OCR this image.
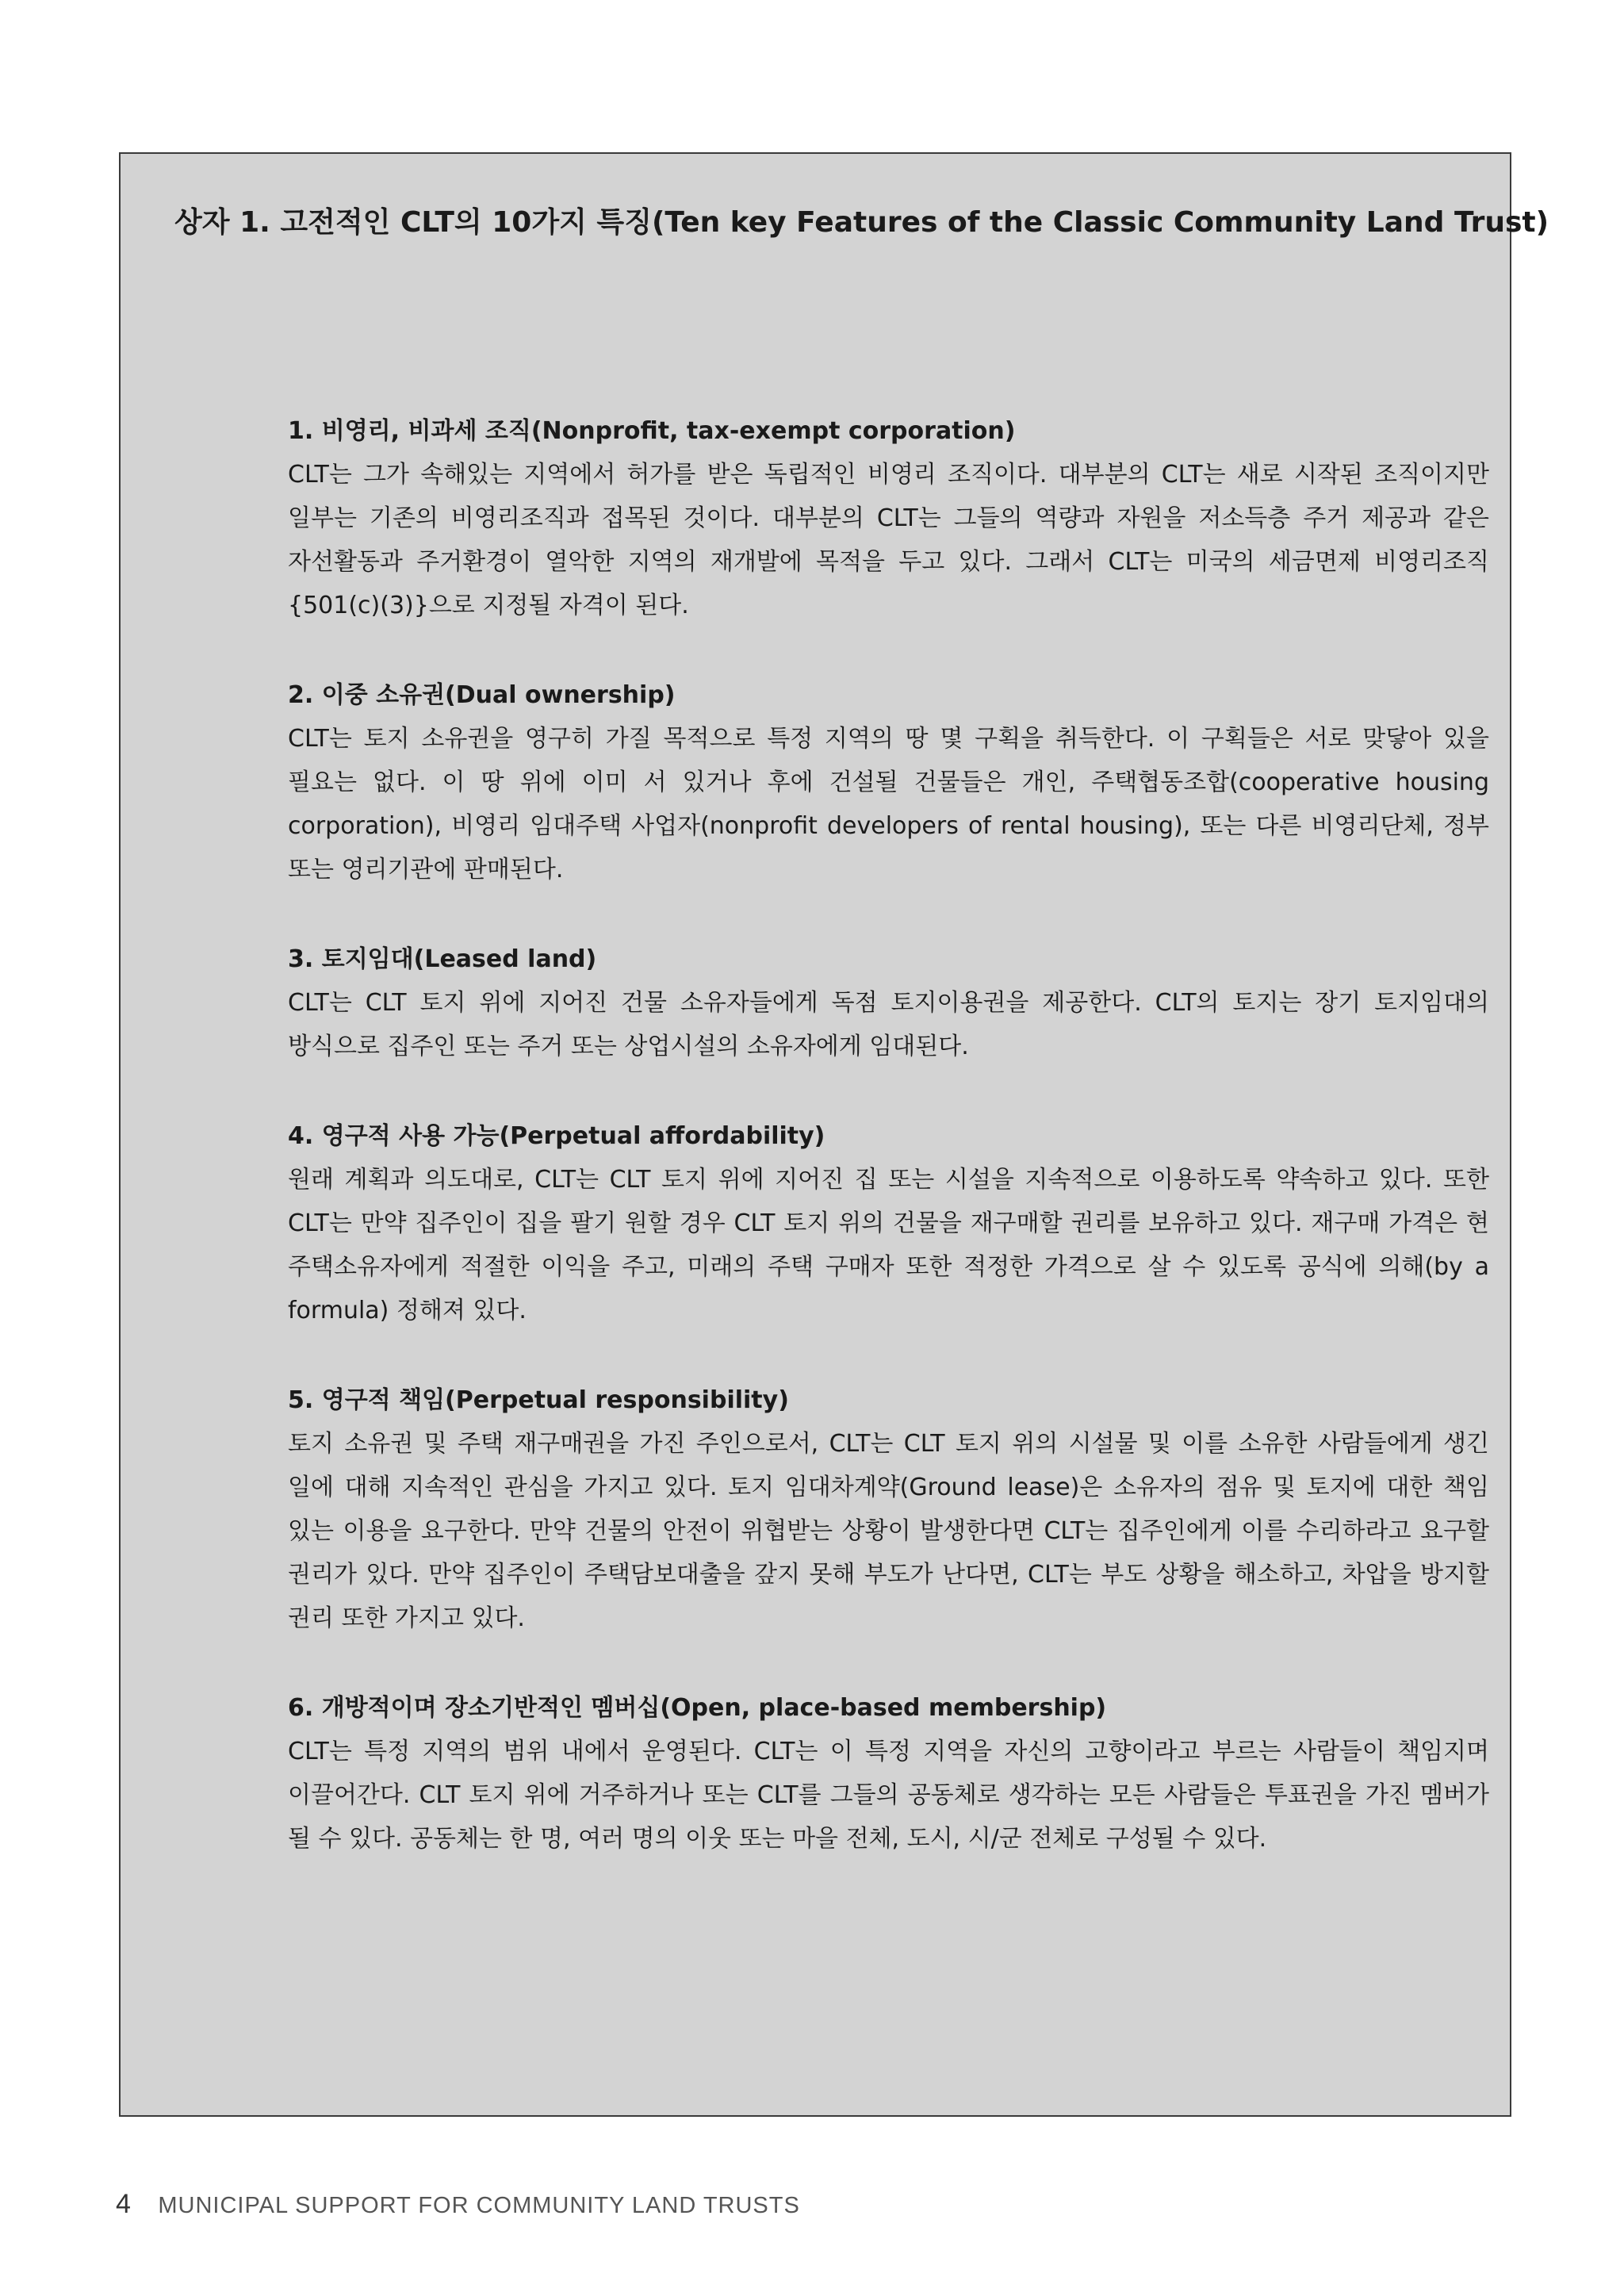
상자 1. 고전적인 CLT의 10가지 특징(Ten key Features of the Classic Community Land Trust)

1. 비영리, 비과세 조직(Nonprofit, tax-exempt corporation)

CLT는 그가 속해있는 지역에서 허가를 받은 독립적인 비영리 조직이다. 대부분의 CLT는 새로 시작된 조직이지만 일부는 기존의 비영리조직과 접목된 것이다. 대부분의 CLT는 그들의 역량과 자원을 저소득층 주거 제공과 같은 자선활동과 주거환경이 열악한 지역의 재개발에 목적을 두고 있다. 그래서 CLT는 미국의 세금면제 비영리조직{501(c)(3)}으로 지정될 자격이 된다.

2. 이중 소유권(Dual ownership)

CLT는 토지 소유권을 영구히 가질 목적으로 특정 지역의 땅 몇 구획을 취득한다. 이 구획들은 서로 맞닿아 있을 필요는 없다. 이 땅 위에 이미 서 있거나 후에 건설될 건물들은 개인, 주택협동조합(cooperative housing corporation), 비영리 임대주택 사업자(nonprofit developers of rental housing), 또는 다른 비영리단체, 정부 또는 영리기관에 판매된다.

3. 토지임대(Leased land)

CLT는 CLT 토지 위에 지어진 건물 소유자들에게 독점 토지이용권을 제공한다. CLT의 토지는 장기 토지임대의 방식으로 집주인 또는 주거 또는 상업시설의 소유자에게 임대된다.

4. 영구적 사용 가능(Perpetual affordability)

원래 계획과 의도대로, CLT는 CLT 토지 위에 지어진 집 또는 시설을 지속적으로 이용하도록 약속하고 있다. 또한 CLT는 만약 집주인이 집을 팔기 원할 경우 CLT 토지 위의 건물을 재구매할 권리를 보유하고 있다. 재구매 가격은 현 주택소유자에게 적절한 이익을 주고, 미래의 주택 구매자 또한 적정한 가격으로 살 수 있도록 공식에 의해(by a formula) 정해져 있다.

5. 영구적 책임(Perpetual responsibility)

토지 소유권 및 주택 재구매권을 가진 주인으로서, CLT는 CLT 토지 위의 시설물 및 이를 소유한 사람들에게 생긴 일에 대해 지속적인 관심을 가지고 있다. 토지 임대차계약(Ground lease)은 소유자의 점유 및 토지에 대한 책임 있는 이용을 요구한다. 만약 건물의 안전이 위협받는 상황이 발생한다면 CLT는 집주인에게 이를 수리하라고 요구할 권리가 있다. 만약 집주인이 주택담보대출을 갚지 못해 부도가 난다면, CLT는 부도 상황을 해소하고, 차압을 방지할 권리 또한 가지고 있다.

6. 개방적이며 장소기반적인 멤버십(Open, place-based membership)

CLT는 특정 지역의 범위 내에서 운영된다. CLT는 이 특정 지역을 자신의 고향이라고 부르는 사람들이 책임지며 이끌어간다. CLT 토지 위에 거주하거나 또는 CLT를 그들의 공동체로 생각하는 모든 사람들은 투표권을 가진 멤버가 될 수 있다. 공동체는 한 명, 여러 명의 이웃 또는 마을 전체, 도시, 시/군 전체로 구성될 수 있다.

4 MUNICIPAL SUPPORT FOR COMMUNITY LAND TRUSTS
